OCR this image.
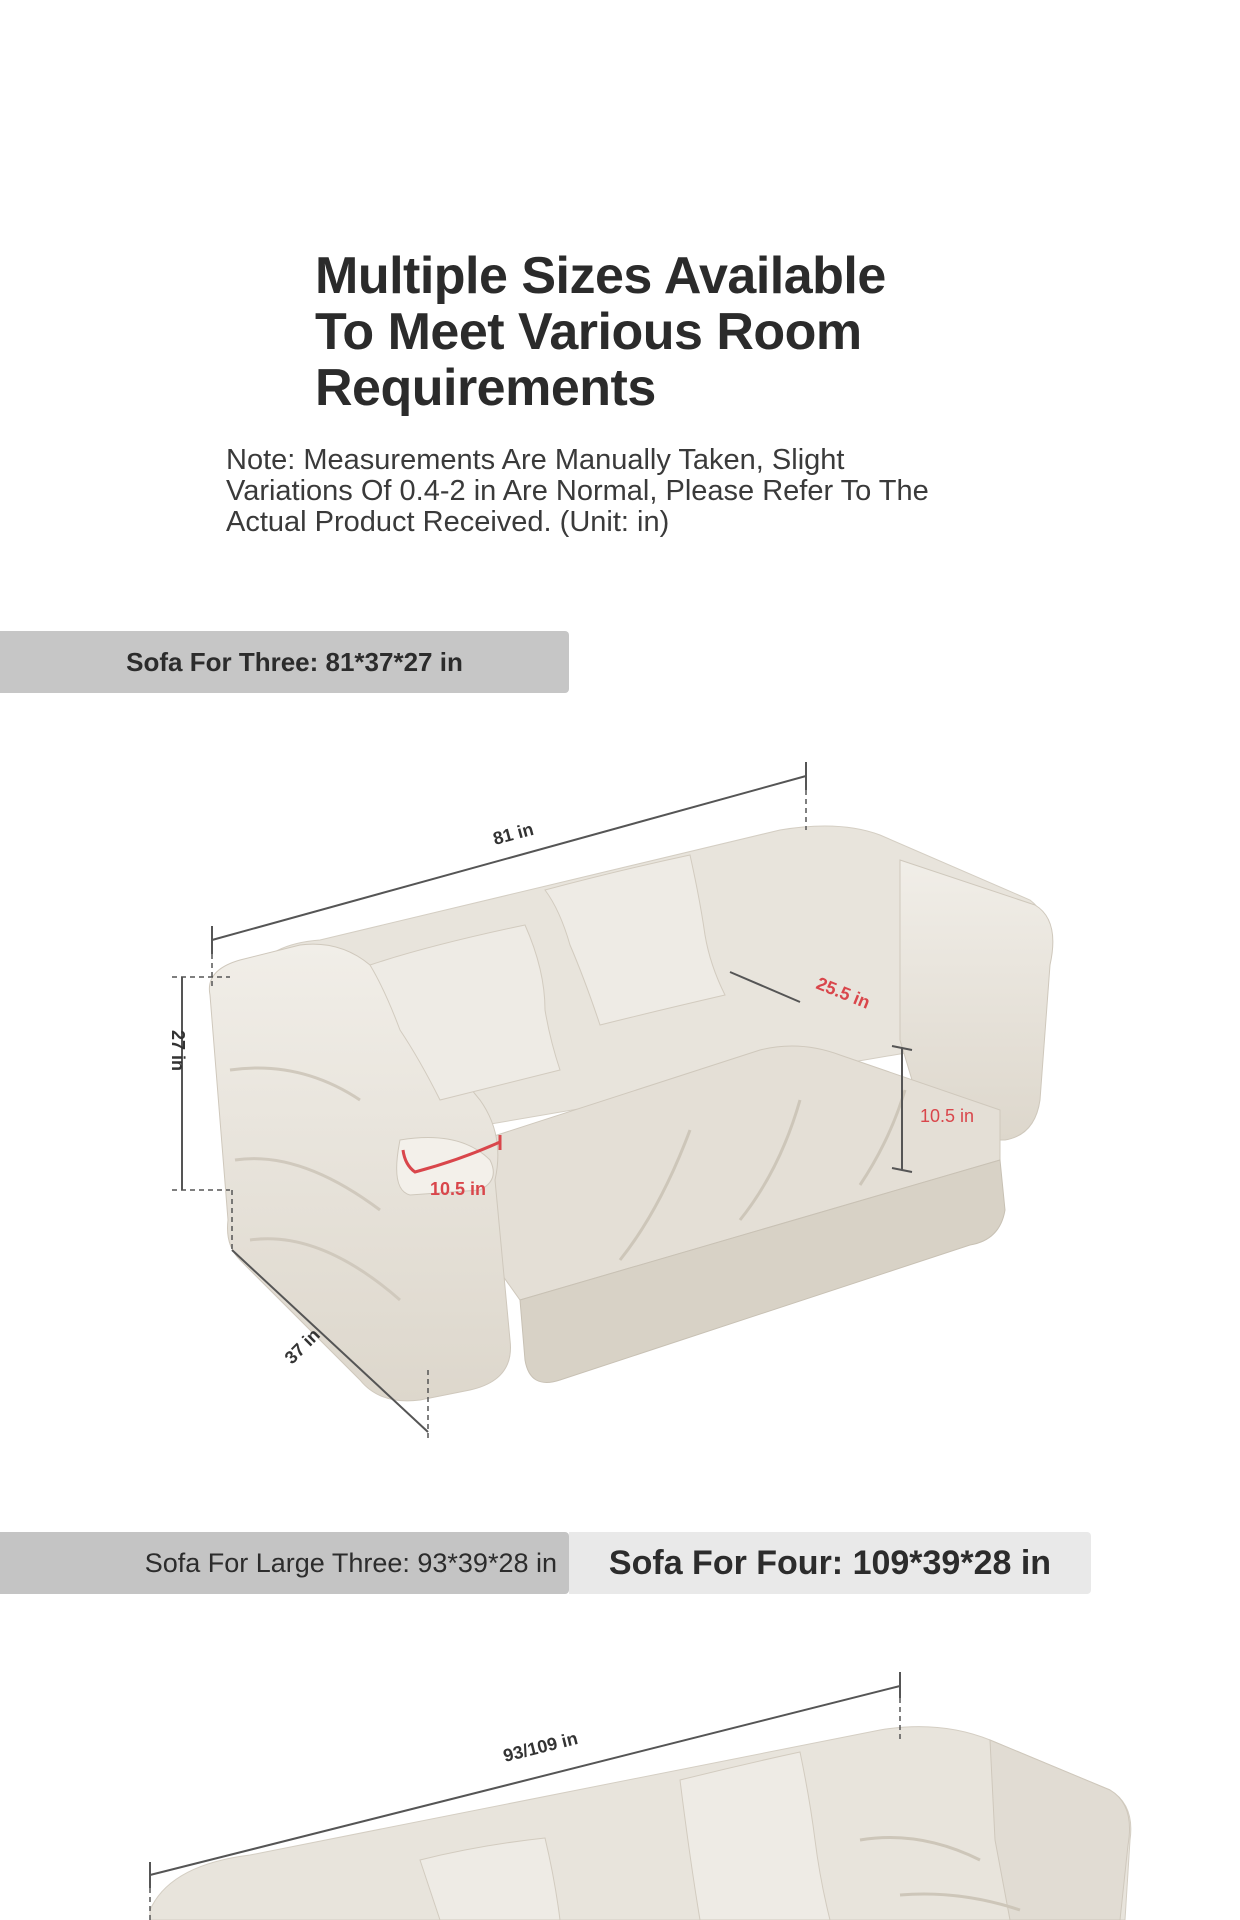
Multiple Sizes Available
To Meet Various Room
Requirements
Note: Measurements Are Manually Taken, Slight
Variations Of 0.4-2 in Are Normal, Please Refer To The
Actual Product Received. (Unit: in)
Sofa For Three: 81*37*27 in
81 in
27 in
37 in
25.5 in
10.5 in
10.5 in
Sofa For Large Three: 93*39*28 in	Sofa For Four: 109*39*28 in
93/109 in
